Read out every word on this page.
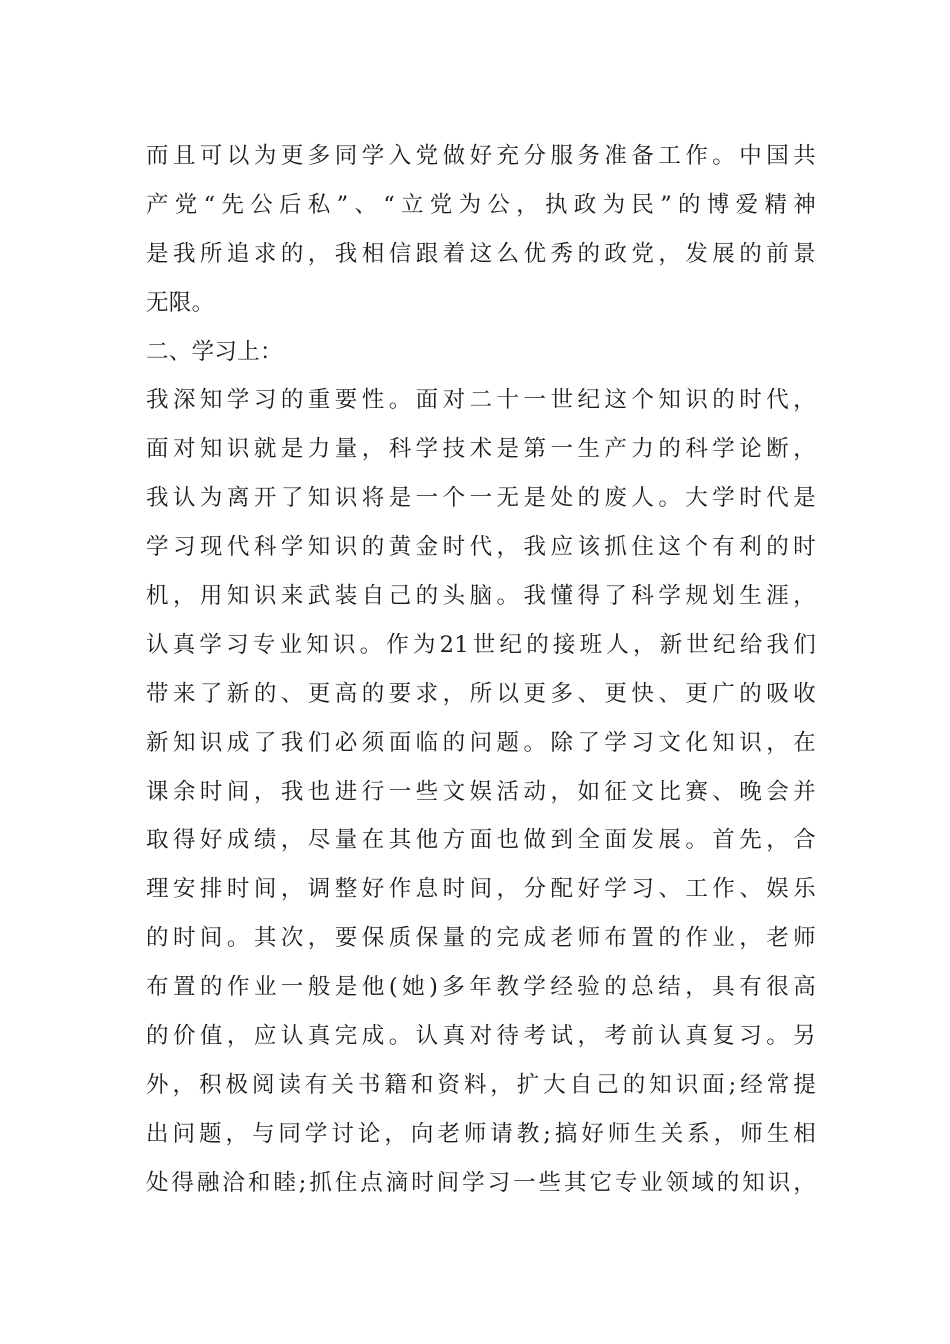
而且可以为更多同学入党做好充分服务准备工作。中国共
产党“先公后私”、“立党为公，执政为民”的博爱精神
是我所追求的，我相信跟着这么优秀的政党，发展的前景
无限。
二、学习上：
我深知学习的重要性。面对二十一世纪这个知识的时代，
面对知识就是力量，科学技术是第一生产力的科学论断，
我认为离开了知识将是一个一无是处的废人。大学时代是
学习现代科学知识的黄金时代，我应该抓住这个有利的时
机，用知识来武装自己的头脑。我懂得了科学规划生涯，
认真学习专业知识。作为21世纪的接班人，新世纪给我们
带来了新的、更高的要求，所以更多、更快、更广的吸收
新知识成了我们必须面临的问题。除了学习文化知识，在
课余时间，我也进行一些文娱活动，如征文比赛、晚会并
取得好成绩，尽量在其他方面也做到全面发展。首先，合
理安排时间，调整好作息时间，分配好学习、工作、娱乐
的时间。其次，要保质保量的完成老师布置的作业，老师
布置的作业一般是他(她)多年教学经验的总结，具有很高
的价值，应认真完成。认真对待考试，考前认真复习。另
外，积极阅读有关书籍和资料，扩大自己的知识面;经常提
出问题，与同学讨论，向老师请教;搞好师生关系，师生相
处得融洽和睦;抓住点滴时间学习一些其它专业领域的知识，
